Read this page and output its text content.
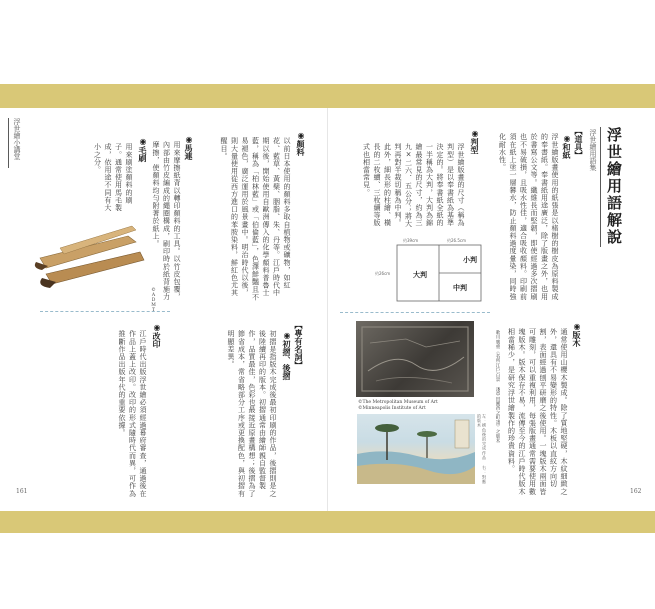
浮世繪用語解說
浮世繪用語集
【道具】
◉和紙
浮世繪版畫使用的紙張是以楮樹的樹皮為原料製成的奉書紙。奉書紙用途廣泛，除了版畫之外，也用於書寫公文等。纖維長而堅韌，即使經過多次摺刷也不易破損，且吸水性佳，適合吸收顏料。印刷前須在紙上塗一層礬水，防止顏料過度暈染，同時強化耐水性。
◉判型
浮世繪版畫的尺寸（稱為判型）是以奉書紙為基準決定的。將奉書紙全紙的一半稱為大判，大判為錦繪最常見的尺寸，約為三九×二六．五公分；將大判再對半裁切稱為中判。此外，細長形的柱繪、橫長的二枚續、三枚續等版式也相當常見。
大判
小判
中判
約39cm	約26.5cm
約26cm
◉版木
通常使用山櫻木製成。除了質地堅硬，木紋細緻之外，還具有不易變形的特性。木板以直紋方向切割，表面經過刨平研磨之後使用。一塊版木兩面皆可雕刻，可以重複利用，每張版畫通常需要使用數塊版木。版木保存不易，流傳至今的江戶時代版木相當稀少，是研究浮世繪製作的珍貴資料。
歌川廣重〈名所江戶百景 淺草田圃酉之町詣〉之版木
©The Metropolitan Museum of Art
©Minneapolis Institute of Art
左：刷色後的完成作品 右：對應的版木
162
浮世繪小講堂	◉顏料
以前日本使用的顏料多取自植物或礦物，如紅花、藍草、黃檗、胭脂、朱、丹等。江戶時代中期以後，開始使用自歐洲傳入的化學顏料普魯士藍，稱為「柏林藍」或「伯倫藍」，色澤鮮豔且不易褪色，廣泛運用於風景畫中。明治時代以後，則大量使用從西方進口的苯胺染料，鮮紅色尤其醒目。
◉馬連
用來摩擦紙背以轉印顏料的工具。以竹皮包覆，內部由竹皮編成的繩圈構成，刷印時於紙背施力摩擦，使顏料均勻附著於紙上。
◉毛刷
用來刷塗顏料的刷子。通常使用馬毛製成，依用途不同有大小之分。
©ADMT
【專有名詞】
◉初摺、後摺
初摺是指版木完成後最初印刷的作品，後摺則是之後陸續再印的版本。初摺通常由繪師親自監督製作，品質最佳，色彩也最接近原畫構想；後摺為了節省成本，常省略部分工序或更換配色，與初摺有明顯差異。
◉改印
江戶時代出版浮世繪必須經過幕府審查，通過後在作品上蓋上改印。改印的形式隨時代而異，可作為推斷作品出版年代的重要依據。
161
